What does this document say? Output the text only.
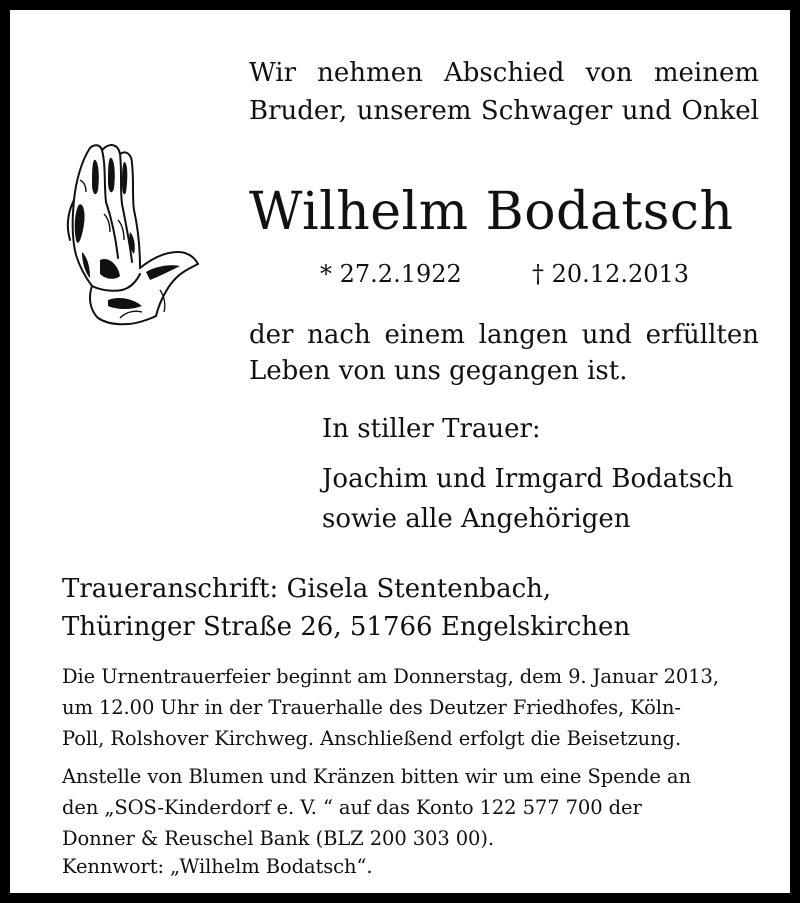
Wir nehmen Abschied von meinem
Bruder, unserem Schwager und Onkel
Wilhelm Bodatsch
* 27.2.1922	† 20.12.2013
der nach einem langen und erfüllten
Leben von uns gegangen ist.
In stiller Trauer:
Joachim und Irmgard Bodatsch
sowie alle Angehörigen
Traueranschrift: Gisela Stentenbach,
Thüringer Straße 26, 51766 Engelskirchen
Die Urnentrauerfeier beginnt am Donnerstag, dem 9. Januar 2013,
um 12.00 Uhr in der Trauerhalle des Deutzer Friedhofes, Köln-
Poll, Rolshover Kirchweg. Anschließend erfolgt die Beisetzung.
Anstelle von Blumen und Kränzen bitten wir um eine Spende an
den „SOS-Kinderdorf e. V. “ auf das Konto 122 577 700 der
Donner & Reuschel Bank (BLZ 200 303 00).
Kennwort: „Wilhelm Bodatsch“.
